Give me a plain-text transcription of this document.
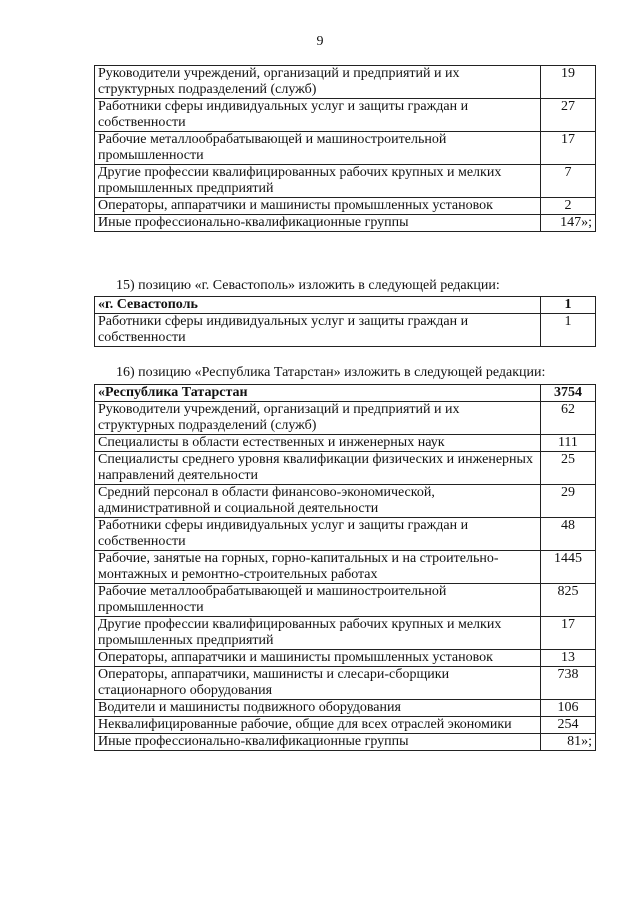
9
Руководители учреждений, организаций и предприятий и их структурных подразделений (служб)	19
Работники сферы индивидуальных услуг и защиты граждан и собственности	27
Рабочие металлообрабатывающей и машиностроительной промышленности	17
Другие профессии квалифицированных рабочих крупных и мелких промышленных предприятий	7
Операторы, аппаратчики и машинисты промышленных установок	2
Иные профессионально-квалификационные группы	147»;
15) позицию «г. Севастополь» изложить в следующей редакции:
«г. Севастополь	1
Работники сферы индивидуальных услуг и защиты граждан и собственности	1
16) позицию «Республика Татарстан» изложить в следующей редакции:
«Республика Татарстан	3754
Руководители учреждений, организаций и предприятий и их структурных подразделений (служб)	62
Специалисты в области естественных и инженерных наук	111
Специалисты среднего уровня квалификации физических и инженерных направлений деятельности	25
Средний персонал в области финансово-экономической, административной и социальной деятельности	29
Работники сферы индивидуальных услуг и защиты граждан и собственности	48
Рабочие, занятые на горных, горно-капитальных и на строительно-монтажных и ремонтно-строительных работах	1445
Рабочие металлообрабатывающей и машиностроительной промышленности	825
Другие профессии квалифицированных рабочих крупных и мелких промышленных предприятий	17
Операторы, аппаратчики и машинисты промышленных установок	13
Операторы, аппаратчики, машинисты и слесари-сборщики стационарного оборудования	738
Водители и машинисты подвижного оборудования	106
Неквалифицированные рабочие, общие для всех отраслей экономики	254
Иные профессионально-квалификационные группы	81»;
